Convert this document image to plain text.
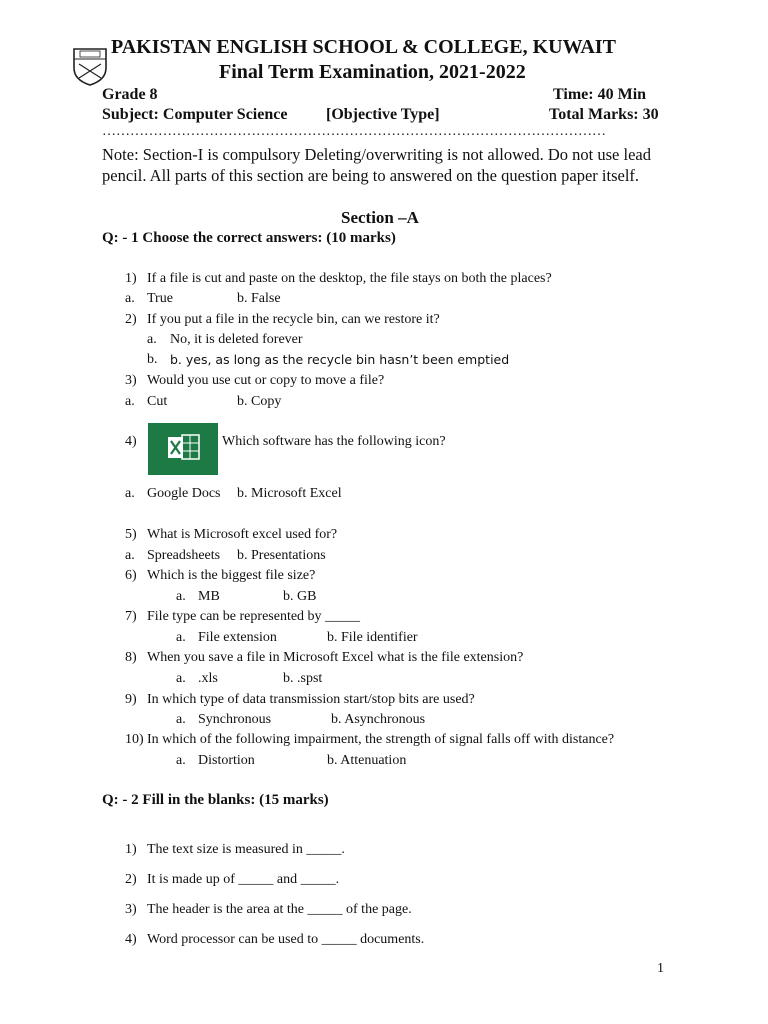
PAKISTAN ENGLISH SCHOOL & COLLEGE, KUWAIT
Final Term Examination, 2021-2022
Grade 8	Time: 40 Min
Subject: Computer Science [Objective Type]	Total Marks: 30
………………………………………………………………………………………………
Note: Section-I is compulsory Deleting/overwriting is not allowed. Do not use lead pencil. All parts of this section are being to answered on the question paper itself.
Section –A
Q: - 1 Choose the correct answers: (10 marks)
1) If a file is cut and paste on the desktop, the file stays on both the places?
a. True	b. False
2) If you put a file in the recycle bin, can we restore it?
a. No, it is deleted forever
b. b. yes, as long as the recycle bin hasn’t been emptied
3) Would you use cut or copy to move a file?
a. Cut	b. Copy
4)	Which software has the following icon?
a. Google Docs b. Microsoft Excel
5) What is Microsoft excel used for?
a. Spreadsheets b. Presentations
6) Which is the biggest file size?
a. MB	b. GB
7) File type can be represented by _____
a. File extension	b. File identifier
8) When you save a file in Microsoft Excel what is the file extension?
a. .xls	b. .spst
9) In which type of data transmission start/stop bits are used?
a. Synchronous	b. Asynchronous
10) In which of the following impairment, the strength of signal falls off with distance?
a. Distortion	b. Attenuation
Q: - 2 Fill in the blanks: (15 marks)
1) The text size is measured in _____.
2) It is made up of _____ and _____.
3) The header is the area at the _____ of the page.
4) Word processor can be used to _____ documents.
1
